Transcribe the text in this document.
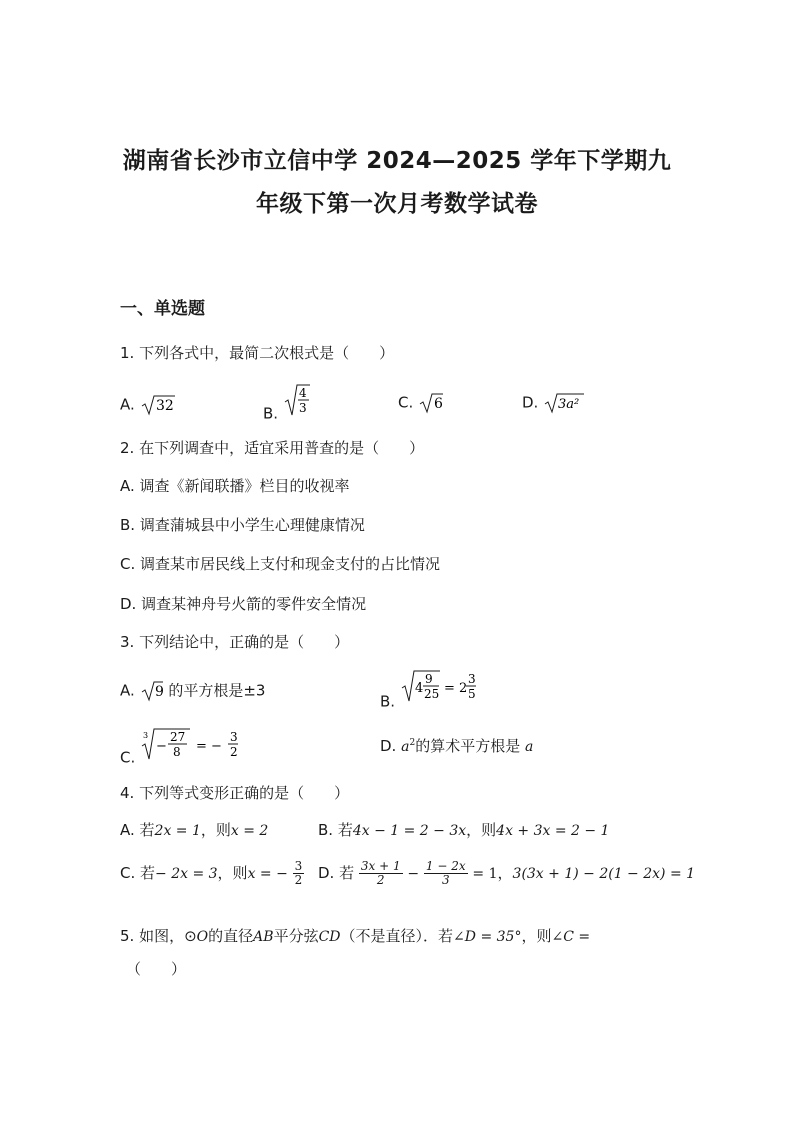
湖南省长沙市立信中学 2024—2025 学年下学期九
年级下第一次月考数学试卷
一、单选题
1. 下列各式中，最简二次根式是（　　）
A. 32	B.
4
3	C. 6	D. 3a²
2. 在下列调查中，适宜采用普查的是（　　）
A. 调查《新闻联播》栏目的收视率
B. 调查蒲城县中小学生心理健康情况
C. 调查某市居民线上支付和现金支付的占比情况
D. 调查某神舟号火箭的零件安全情况
3. 下列结论中，正确的是（　　）
A. 9 的平方根是±3
B.
4
9
25 = 2
3
5
C.
3
−
27
8 = −
3
2	D. $a^2$的算术平方根是 a
4. 下列等式变形正确的是（　　）
A. 若2x = 1，则x = 2	B. 若4x − 1 = 2 − 3x，则4x + 3x = 2 − 1
C. 若− 2x = 3，则x = − $\frac{3}{2} D$. 若 $\frac{3x + 1}{2} - \frac{1 - 2x}{3} = 1$，3(3x + 1) − 2(1 − 2x) = 1
5. 如图，⊙O的直径AB平分弦CD（不是直径）．若∠D = 35°，则∠C =
（　　）
